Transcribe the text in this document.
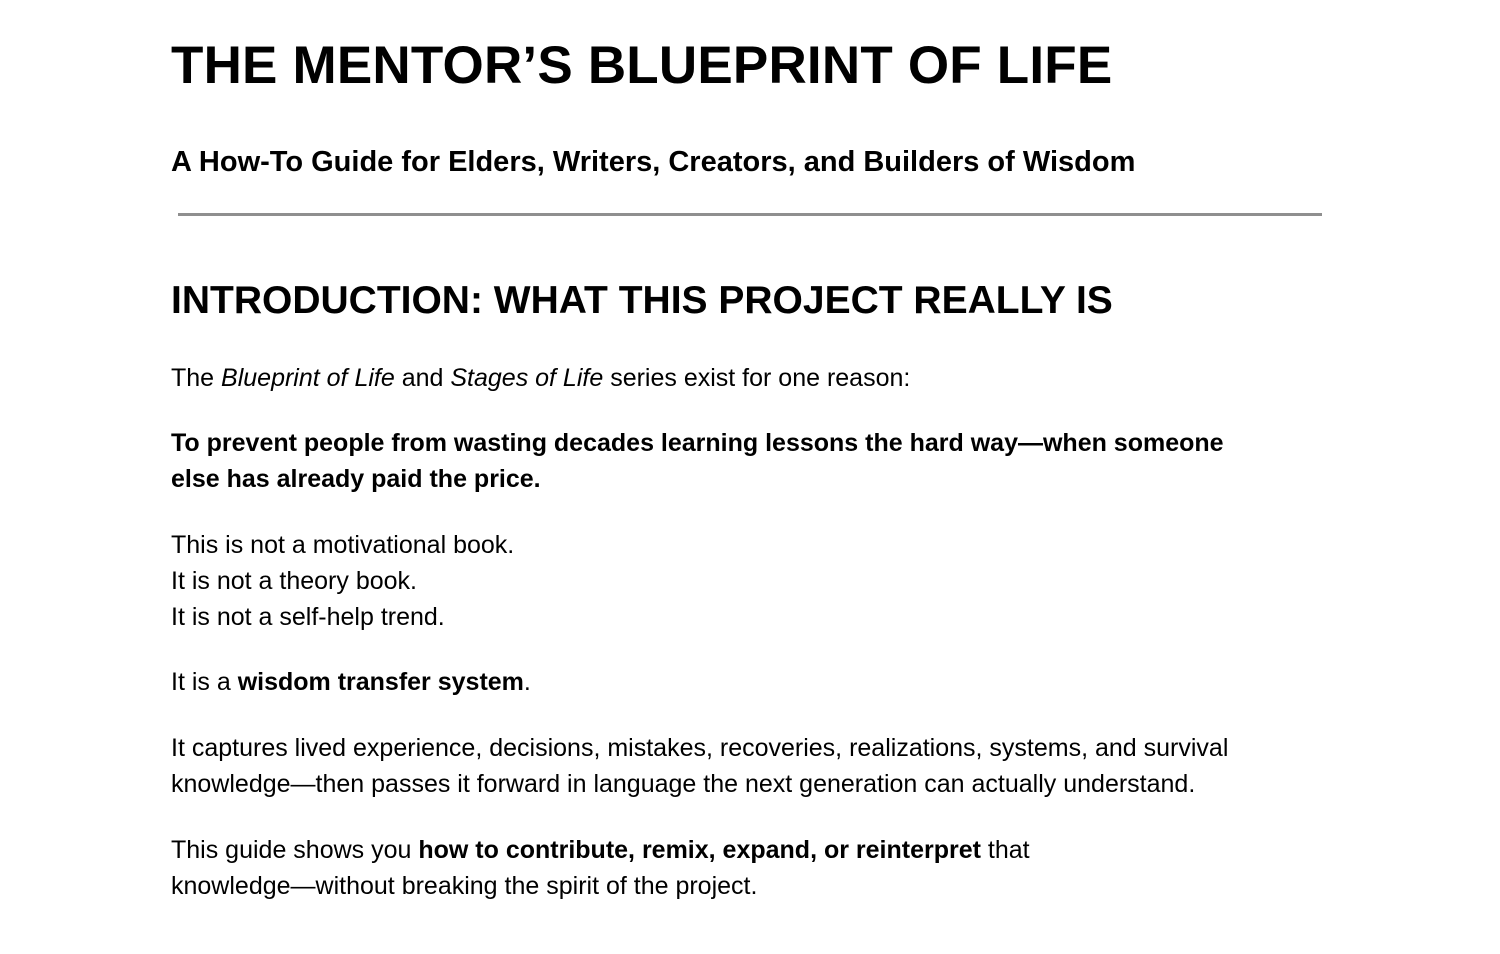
THE MENTOR’S BLUEPRINT OF LIFE
A How-To Guide for Elders, Writers, Creators, and Builders of Wisdom
INTRODUCTION: WHAT THIS PROJECT REALLY IS

The Blueprint of Life and Stages of Life series exist for one reason:

To prevent people from wasting decades learning lessons the hard way—when someone
else has already paid the price.

This is not a motivational book.
It is not a theory book.
It is not a self-help trend.

It is a wisdom transfer system.

It captures lived experience, decisions, mistakes, recoveries, realizations, systems, and survival
knowledge—then passes it forward in language the next generation can actually understand.

This guide shows you how to contribute, remix, expand, or reinterpret that
knowledge—without breaking the spirit of the project.
